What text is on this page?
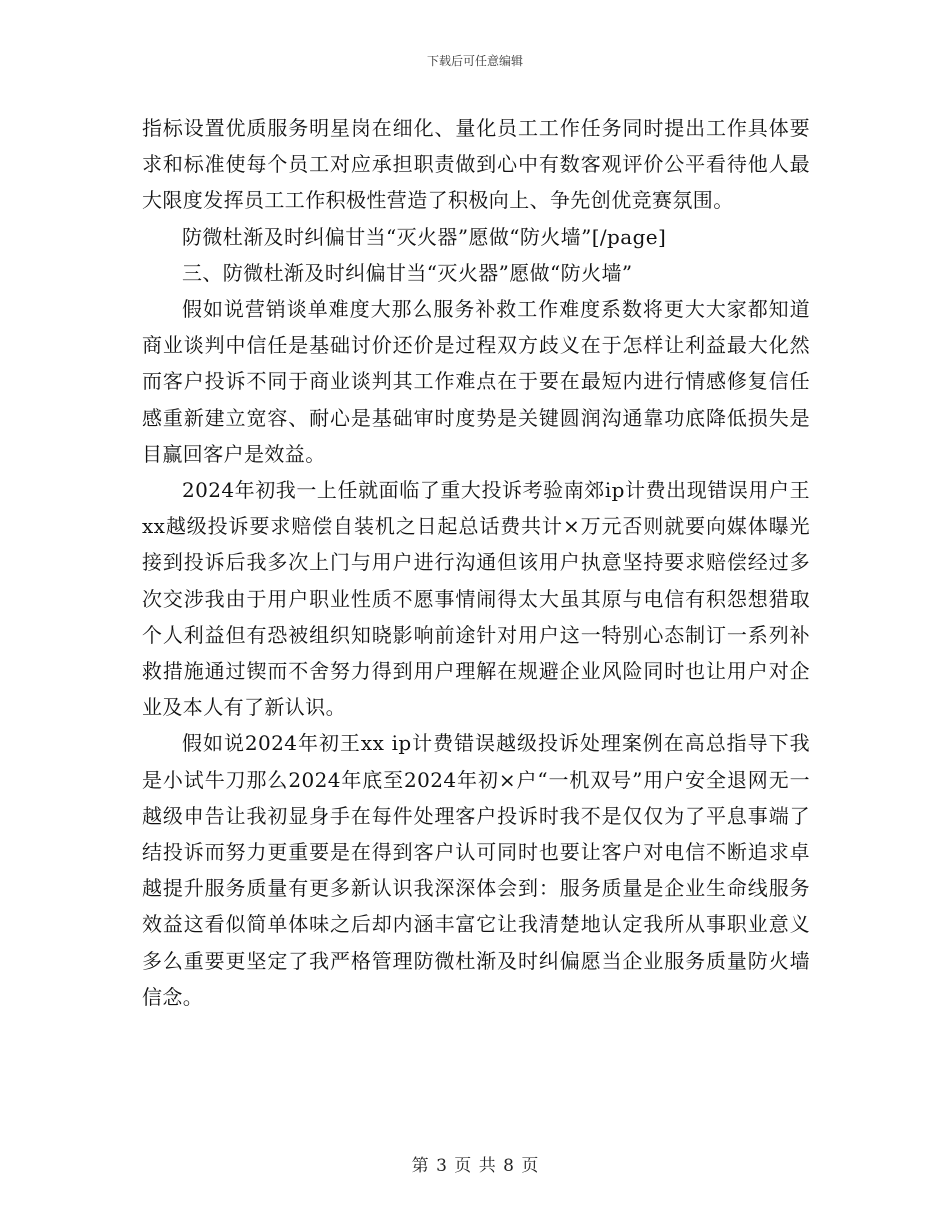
下载后可任意编辑

指标设置优质服务明星岗在细化、量化员工工作任务同时提出工作具体要求和标准使每个员工对应承担职责做到心中有数客观评价公平看待他人最大限度发挥员工工作积极性营造了积极向上、争先创优竞赛氛围。

防微杜渐及时纠偏甘当“灭火器”愿做“防火墙”[/page]

三、防微杜渐及时纠偏甘当“灭火器”愿做“防火墙”

假如说营销谈单难度大那么服务补救工作难度系数将更大大家都知道商业谈判中信任是基础讨价还价是过程双方歧义在于怎样让利益最大化然而客户投诉不同于商业谈判其工作难点在于要在最短内进行情感修复信任感重新建立宽容、耐心是基础审时度势是关键圆润沟通靠功底降低损失是目赢回客户是效益。

2024年初我一上任就面临了重大投诉考验南郊ip计费出现错误用户王xx越级投诉要求赔偿自装机之日起总话费共计×万元否则就要向媒体曝光接到投诉后我多次上门与用户进行沟通但该用户执意坚持要求赔偿经过多次交涉我由于用户职业性质不愿事情闹得太大虽其原与电信有积怨想猎取个人利益但有恐被组织知晓影响前途针对用户这一特别心态制订一系列补救措施通过锲而不舍努力得到用户理解在规避企业风险同时也让用户对企业及本人有了新认识。

假如说2024年初王xx ip计费错误越级投诉处理案例在高总指导下我是小试牛刀那么2024年底至2024年初×户“一机双号”用户安全退网无一越级申告让我初显身手在每件处理客户投诉时我不是仅仅为了平息事端了结投诉而努力更重要是在得到客户认可同时也要让客户对电信不断追求卓越提升服务质量有更多新认识我深深体会到：服务质量是企业生命线服务效益这看似简单体味之后却内涵丰富它让我清楚地认定我所从事职业意义多么重要更坚定了我严格管理防微杜渐及时纠偏愿当企业服务质量防火墙信念。

第 3 页 共 8 页
